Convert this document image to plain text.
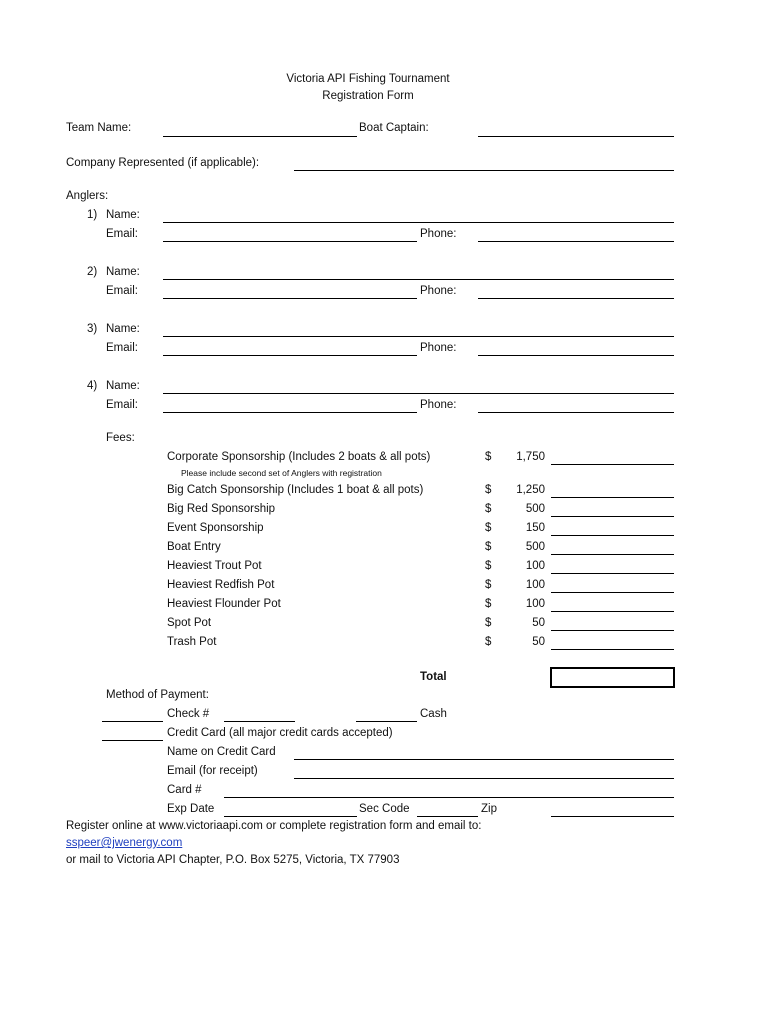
Victoria API Fishing Tournament
Registration Form
Team Name:	Boat Captain:
Company Represented (if applicable):
Anglers:
1) Name:
Email:	Phone:
2) Name:
Email:	Phone:
3) Name:
Email:	Phone:
4) Name:
Email:	Phone:
Fees:
Corporate Sponsorship (Includes 2 boats & all pots)	$	1,750
Please include second set of Anglers with registration
Big Catch Sponsorship (Includes 1 boat & all pots)	$	1,250
Big Red Sponsorship	$	500
Event Sponsorship	$	150
Boat Entry	$	500
Heaviest Trout Pot	$	100
Heaviest Redfish Pot	$	100
Heaviest Flounder Pot	$	100
Spot Pot	$	50
Trash Pot	$	50
Total
Method of Payment:
Check #	Cash
Credit Card (all major credit cards accepted)
Name on Credit Card
Email (for receipt)
Card #
Exp Date	Sec Code	Zip
Register online at www.victoriaapi.com or complete registration form and email to:
sspeer@jwenergy.com
or mail to Victoria API Chapter, P.O. Box 5275, Victoria, TX 77903
